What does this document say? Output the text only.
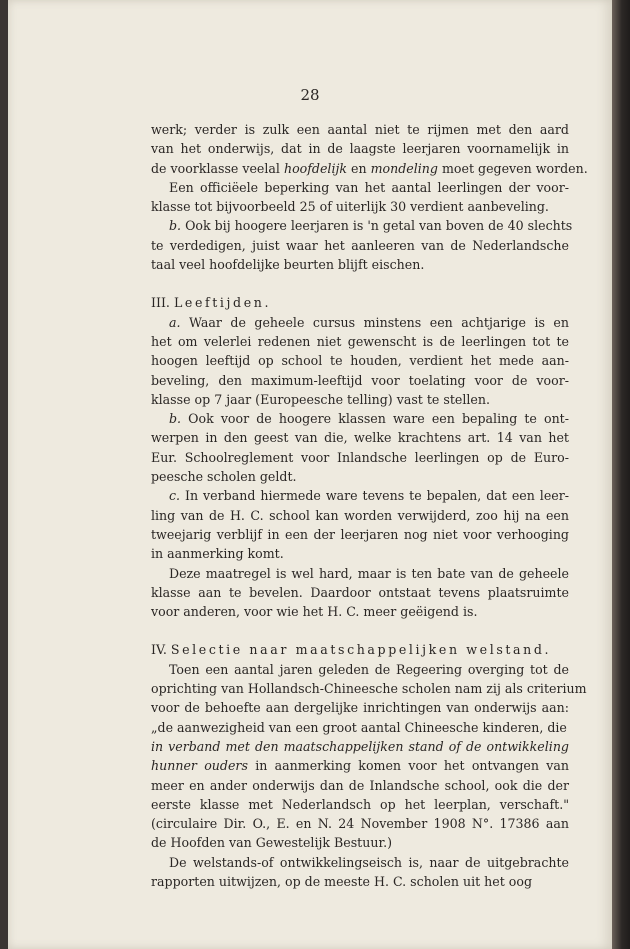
28
werk; verder is zulk een aantal niet te rijmen met den aard
van het onderwijs, dat in de laagste leerjaren voornamelijk in
de voorklasse veelal hoofdelijk en mondeling moet gegeven worden.
Een officiëele beperking van het aantal leerlingen der voor-
klasse tot bijvoorbeeld 25 of uiterlijk 30 verdient aanbeveling.
b. Ook bij hoogere leerjaren is 'n getal van boven de 40 slechts
te verdedigen, juist waar het aanleeren van de Nederlandsche
taal veel hoofdelijke beurten blijft eischen.
III. Leeftijden.
a. Waar de geheele cursus minstens een achtjarige is en
het om velerlei redenen niet gewenscht is de leerlingen tot te
hoogen leeftijd op school te houden, verdient het mede aan-
beveling, den maximum-leeftijd voor toelating voor de voor-
klasse op 7 jaar (Europeesche telling) vast te stellen.
b. Ook voor de hoogere klassen ware een bepaling te ont-
werpen in den geest van die, welke krachtens art. 14 van het
Eur. Schoolreglement voor Inlandsche leerlingen op de Euro-
peesche scholen geldt.
c. In verband hiermede ware tevens te bepalen, dat een leer-
ling van de H. C. school kan worden verwijderd, zoo hij na een
tweejarig verblijf in een der leerjaren nog niet voor verhooging
in aanmerking komt.
Deze maatregel is wel hard, maar is ten bate van de geheele
klasse aan te bevelen. Daardoor ontstaat tevens plaatsruimte
voor anderen, voor wie het H. C. meer geëigend is.
IV. Selectie naar maatschappelijken welstand.
Toen een aantal jaren geleden de Regeering overging tot de
oprichting van Hollandsch-Chineesche scholen nam zij als criterium
voor de behoefte aan dergelijke inrichtingen van onderwijs aan:
„de aanwezigheid van een groot aantal Chineesche kinderen, die
in verband met den maatschappelijken stand of de ontwikkeling
hunner ouders in aanmerking komen voor het ontvangen van
meer en ander onderwijs dan de Inlandsche school, ook die der
eerste klasse met Nederlandsch op het leerplan, verschaft."
(circulaire Dir. O., E. en N. 24 November 1908 N°. 17386 aan
de Hoofden van Gewestelijk Bestuur.)
De welstands-of ontwikkelingseisch is, naar de uitgebrachte
rapporten uitwijzen, op de meeste H. C. scholen uit het oog
